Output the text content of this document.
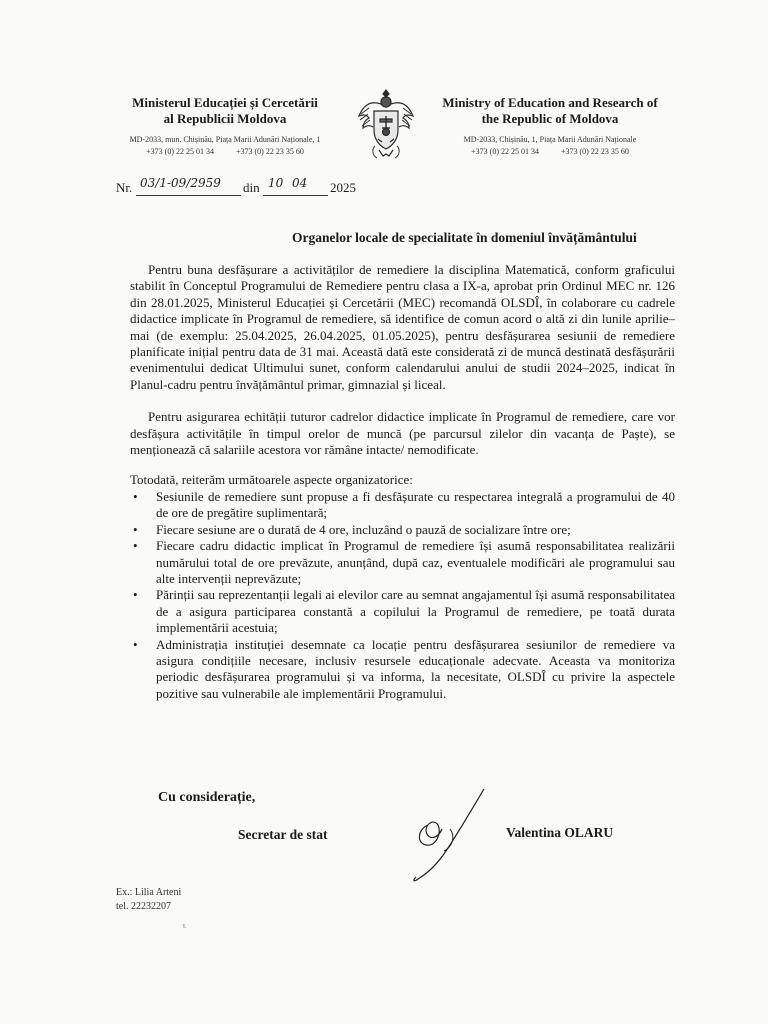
Ministerul Educației și Cercetării
al Republicii Moldova
MD-2033, mun. Chișinău, Piața Marii Adunări Naționale, 1
+373 (0) 22 25 01 34	+373 (0) 22 23 35 60
Ministry of Education and Research of
the Republic of Moldova
MD-2033, Chișinău, 1, Piața Marii Adunări Naționale
+373 (0) 22 25 01 34	+373 (0) 22 23 35 60
Nr. 03/1-09/2959 din 10 04 2025
Organelor locale de specialitate în domeniul învățământului

Pentru buna desfășurare a activităților de remediere la disciplina Matematică, conform graficului stabilit în Conceptul Programului de Remediere pentru clasa a IX-a, aprobat prin Ordinul MEC nr. 126 din 28.01.2025, Ministerul Educației și Cercetării (MEC) recomandă OLSDÎ, în colaborare cu cadrele didactice implicate în Programul de remediere, să identifice de comun acord o altă zi din lunile aprilie–mai (de exemplu: 25.04.2025, 26.04.2025, 01.05.2025), pentru desfășurarea sesiunii de remediere planificate inițial pentru data de 31 mai. Această dată este considerată zi de muncă destinată desfășurării evenimentului dedicat Ultimului sunet, conform calendarului anului de studii 2024–2025, indicat în Planul-cadru pentru învățământul primar, gimnazial și liceal.

Pentru asigurarea echității tuturor cadrelor didactice implicate în Programul de remediere, care vor desfășura activitățile în timpul orelor de muncă (pe parcursul zilelor din vacanța de Paște), se menționează că salariile acestora vor rămâne intacte/ nemodificate.

Totodată, reiterăm următoarele aspecte organizatorice:

• Sesiunile de remediere sunt propuse a fi desfășurate cu respectarea integrală a programului de 40 de ore de pregătire suplimentară;
• Fiecare sesiune are o durată de 4 ore, incluzând o pauză de socializare între ore;
• Fiecare cadru didactic implicat în Programul de remediere își asumă responsabilitatea realizării numărului total de ore prevăzute, anunțând, după caz, eventualele modificări ale programului sau alte intervenții neprevăzute;
• Părinții sau reprezentanții legali ai elevilor care au semnat angajamentul își asumă responsabilitatea de a asigura participarea constantă a copilului la Programul de remediere, pe toată durata implementării acestuia;
• Administrația instituției desemnate ca locație pentru desfășurarea sesiunilor de remediere va asigura condițiile necesare, inclusiv resursele educaționale adecvate. Aceasta va monitoriza periodic desfășurarea programului și va informa, la necesitate, OLSDÎ cu privire la aspectele pozitive sau vulnerabile ale implementării Programului.
Cu considerație,
Secretar de stat	Valentina OLARU
Ex.: Lilia Arteni
tel. 22232207
ᴸ
